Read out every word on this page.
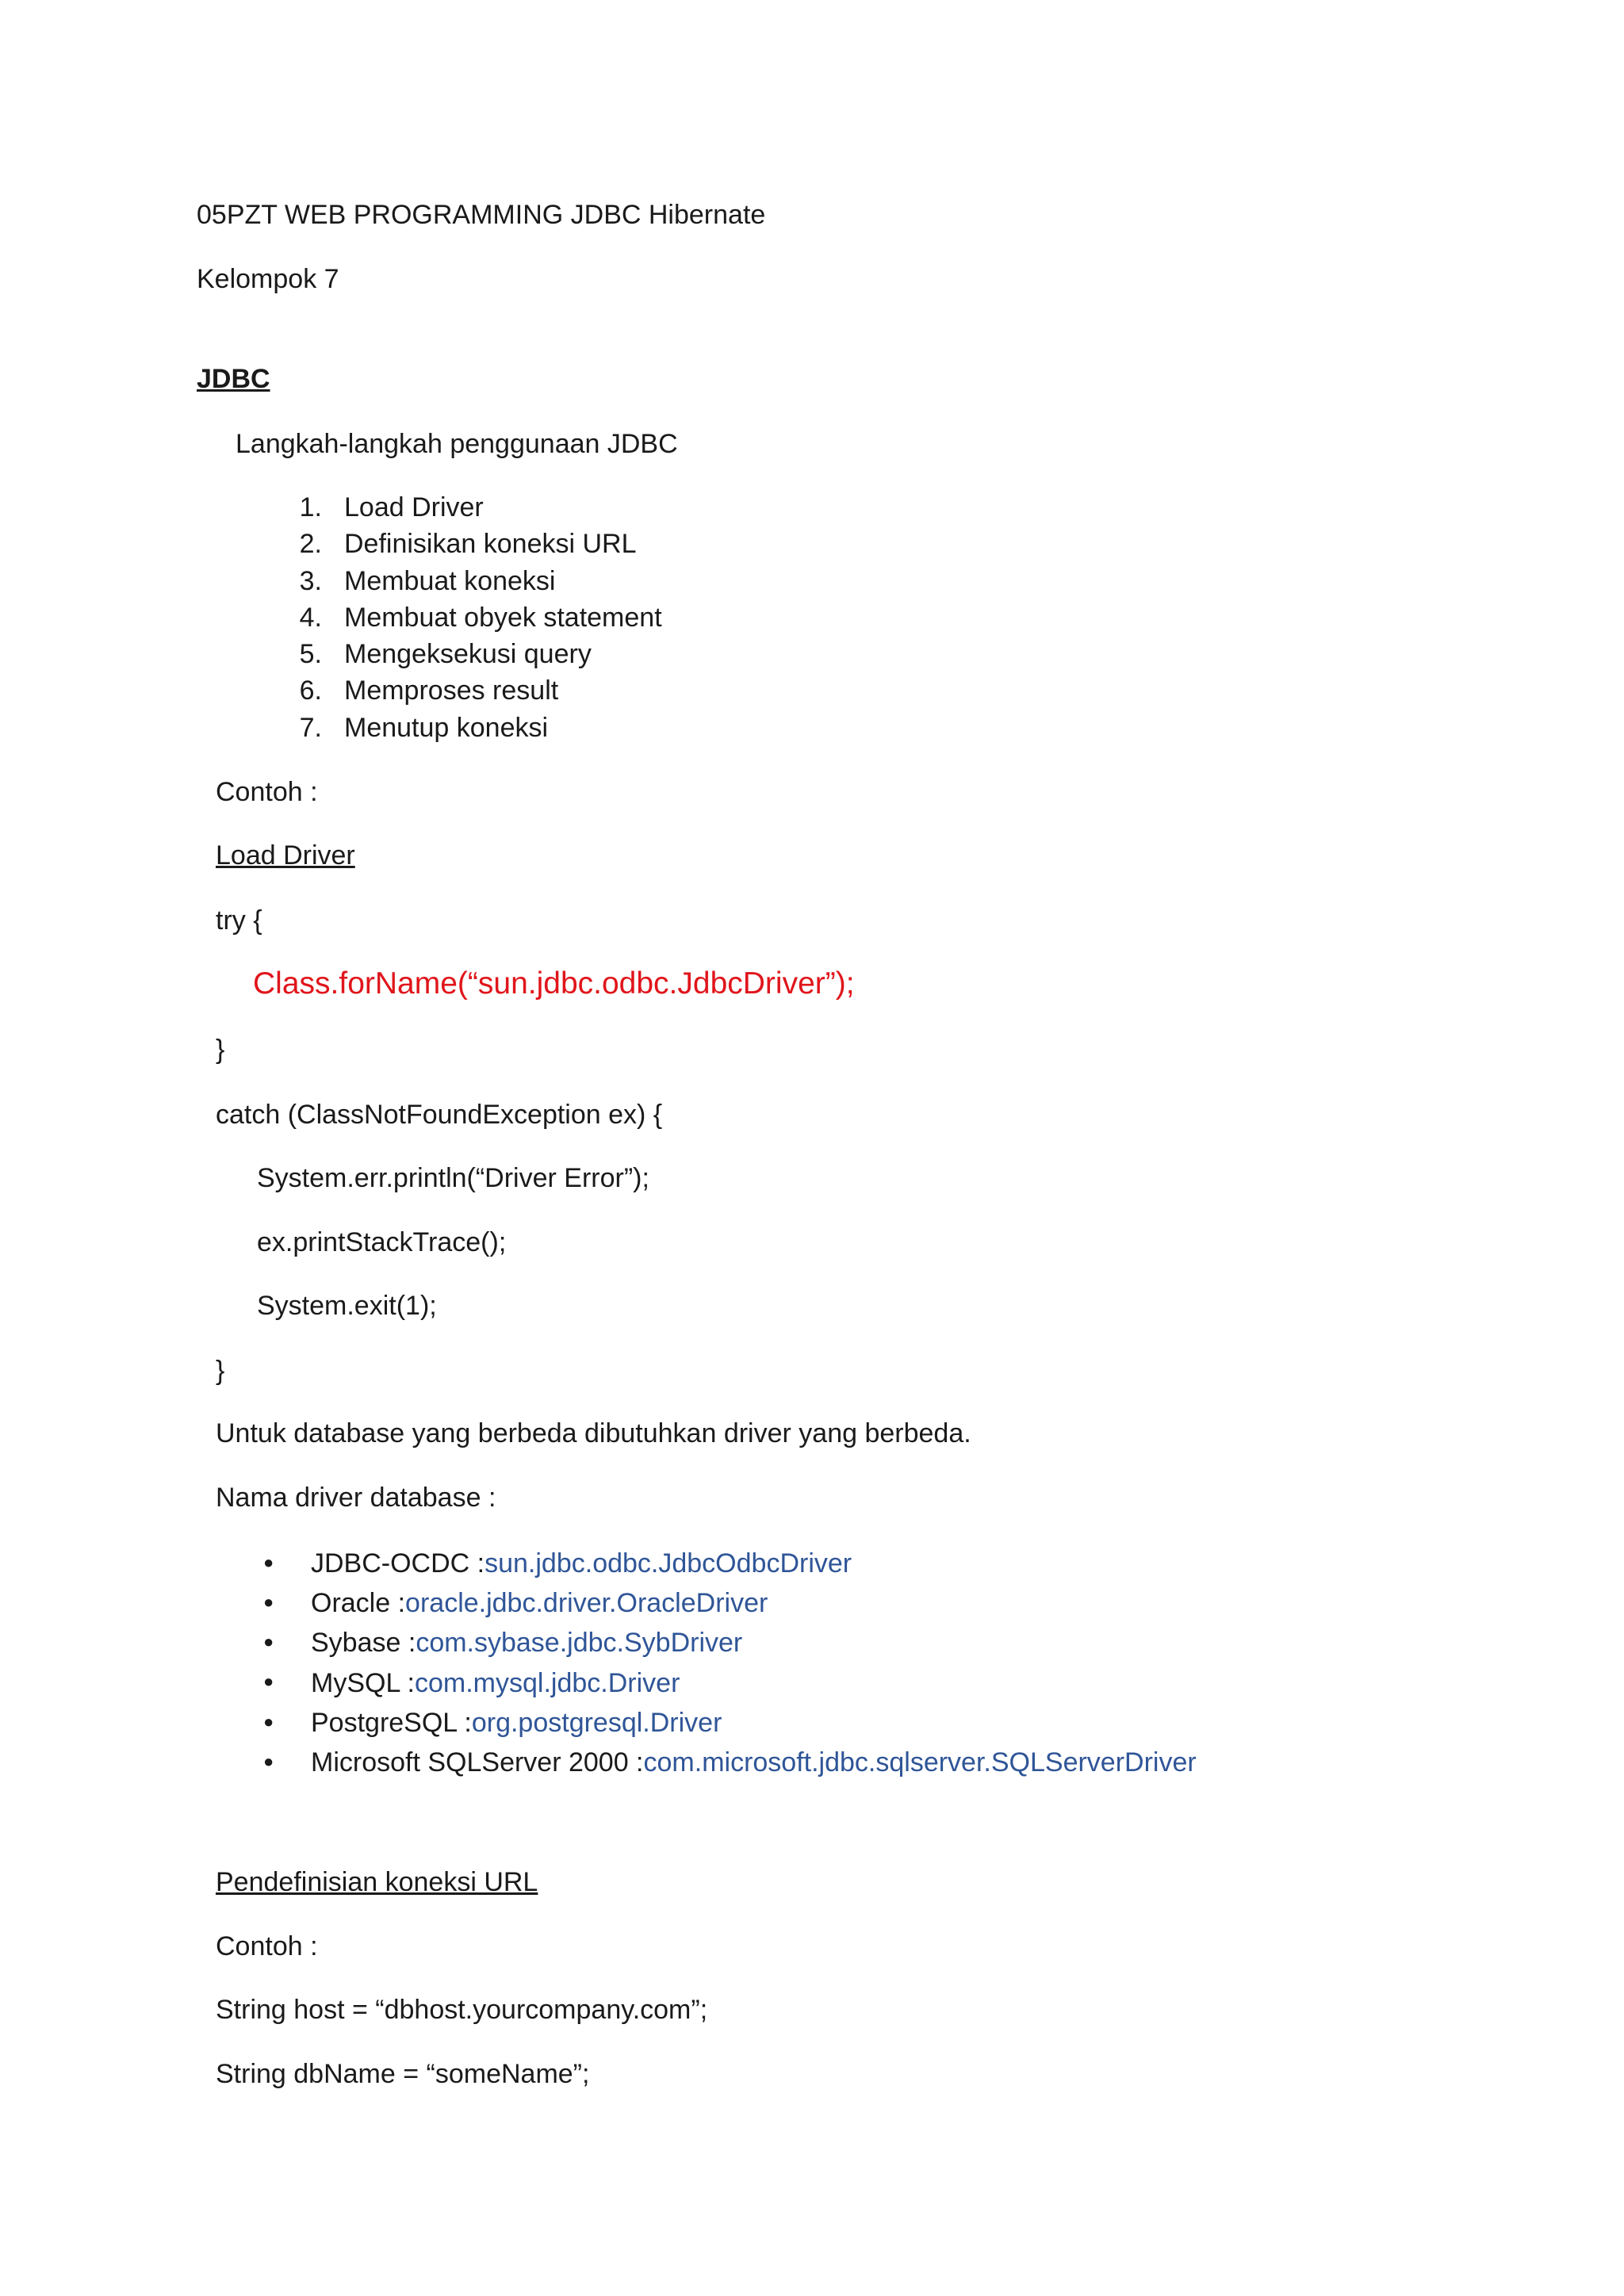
05PZT WEB PROGRAMMING JDBC Hibernate
Kelompok 7
JDBC
Langkah-langkah penggunaan JDBC
1. Load Driver
2. Definisikan koneksi URL
3. Membuat koneksi
4. Membuat obyek statement
5. Mengeksekusi query
6. Memproses result
7. Menutup koneksi
Contoh :
Load Driver
try {
Class.forName(“sun.jdbc.odbc.JdbcDriver”);
}
catch (ClassNotFoundException ex) {
System.err.println(“Driver Error”);
ex.printStackTrace();
System.exit(1);
}
Untuk database yang berbeda dibutuhkan driver yang berbeda.
Nama driver database :
● JDBC-OCDC :sun.jdbc.odbc.JdbcOdbcDriver
● Oracle :oracle.jdbc.driver.OracleDriver
● Sybase :com.sybase.jdbc.SybDriver
● MySQL :com.mysql.jdbc.Driver
● PostgreSQL :org.postgresql.Driver
● Microsoft SQLServer 2000 :com.microsoft.jdbc.sqlserver.SQLServerDriver
Pendefinisian koneksi URL
Contoh :
String host = “dbhost.yourcompany.com”;
String dbName = “someName”;
